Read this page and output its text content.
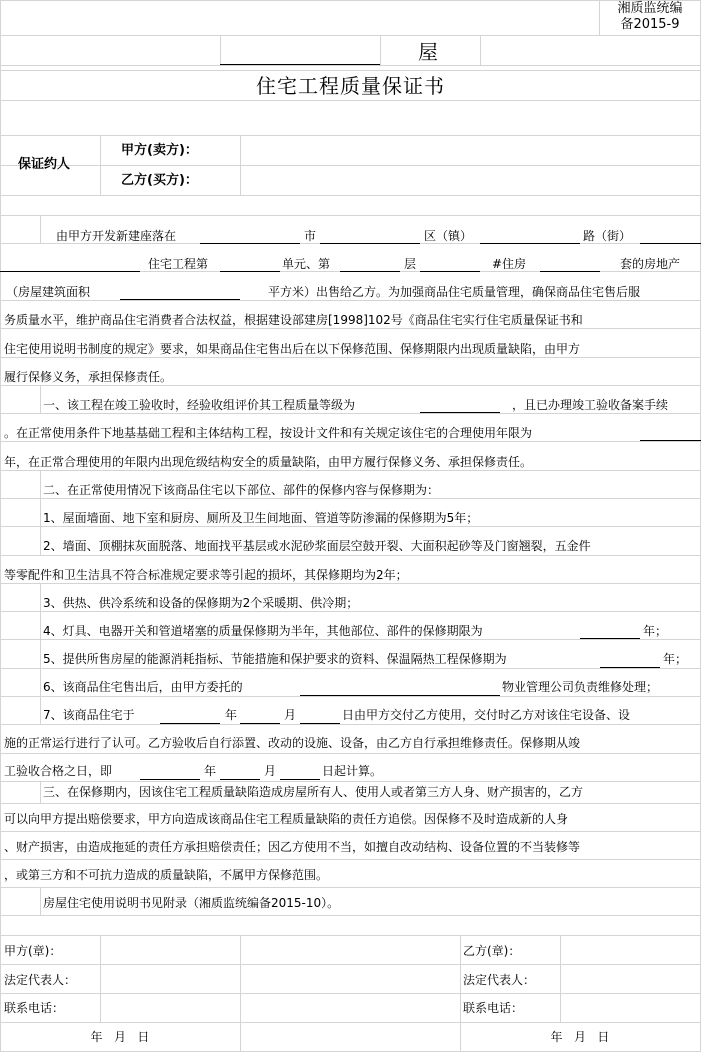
湘质监统编
备2015-9
屋
住宅工程质量保证书
保证约人
甲方(卖方)：
乙方(买方)：
由甲方开发新建座落在	市	区（镇）	路（街）
住宅工程第	单元、第	层	#住房	套的房地产
（房屋建筑面积	平方米）出售给乙方。为加强商品住宅质量管理，确保商品住宅售后服
务质量水平，维护商品住宅消费者合法权益，根据建设部建房[1998]102号《商品住宅实行住宅质量保证书和
住宅使用说明书制度的规定》要求，如果商品住宅售出后在以下保修范围、保修期限内出现质量缺陷，由甲方
履行保修义务，承担保修责任。
一、该工程在竣工验收时，经验收组评价其工程质量等级为	，且已办理竣工验收备案手续
。在正常使用条件下地基基础工程和主体结构工程，按设计文件和有关规定该住宅的合理使用年限为
年，在正常合理使用的年限内出现危级结构安全的质量缺陷，由甲方履行保修义务、承担保修责任。
二、在正常使用情况下该商品住宅以下部位、部件的保修内容与保修期为：
1、屋面墙面、地下室和厨房、厕所及卫生间地面、管道等防渗漏的保修期为5年；
2、墙面、顶棚抹灰面脱落、地面找平基层或水泥砂浆面层空鼓开裂、大面积起砂等及门窗翘裂，五金件
等零配件和卫生洁具不符合标准规定要求等引起的损坏，其保修期均为2年；
3、供热、供冷系统和设备的保修期为2个采暖期、供冷期；
4、灯具、电器开关和管道堵塞的质量保修期为半年，其他部位、部件的保修期限为	年；
5、提供所售房屋的能源消耗指标、节能措施和保护要求的资料、保温隔热工程保修期为	年；
6、该商品住宅售出后，由甲方委托的	物业管理公司负责维修处理；
7、该商品住宅于	年	月	日由甲方交付乙方使用，交付时乙方对该住宅设备、设
施的正常运行进行了认可。乙方验收后自行添置、改动的设施、设备，由乙方自行承担维修责任。保修期从竣
工验收合格之日，即	年	月	日起计算。
三、在保修期内，因该住宅工程质量缺陷造成房屋所有人、使用人或者第三方人身、财产损害的，乙方
可以向甲方提出赔偿要求，甲方向造成该商品住宅工程质量缺陷的责任方追偿。因保修不及时造成新的人身
、财产损害，由造成拖延的责任方承担赔偿责任；因乙方使用不当，如擅自改动结构、设备位置的不当装修等
，或第三方和不可抗力造成的质量缺陷，不属甲方保修范围。
房屋住宅使用说明书见附录（湘质监统编备2015-10）。
甲方(章)：	乙方(章)：
法定代表人：	法定代表人：
联系电话：	联系电话：
年   月   日	年   月   日
